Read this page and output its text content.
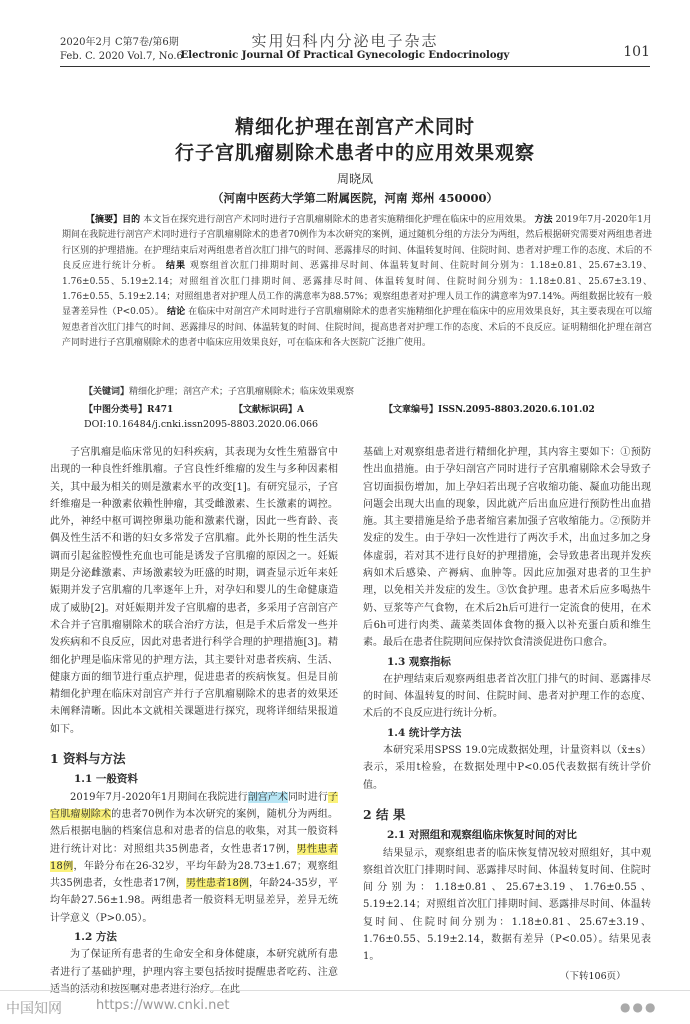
2020年2月 C第7卷/第6期
Feb. C. 2020 Vol.7, No.6
实用妇科内分泌电子杂志
Electronic Journal Of Practical Gynecologic Endocrinology	101
精细化护理在剖宫产术同时
行子宫肌瘤剔除术患者中的应用效果观察
周晓凤
（河南中医药大学第二附属医院，河南 郑州 450000）
【摘要】目的 本文旨在探究进行剖宫产术同时进行子宫肌瘤剔除术的患者实施精细化护理在临床中的应用效果。 方法 2019年7月-2020年1月期间在我院进行剖宫产术同时进行子宫肌瘤剔除术的患者70例作为本次研究的案例，通过随机分组的方法分为两组，然后根据研究需要对两组患者进行区别的护理措施。在护理结束后对两组患者首次肛门排气的时间、恶露排尽的时间、体温转复时间、住院时间、患者对护理工作的态度、术后的不良反应进行统计分析。 结果 观察组首次肛门排期时间、恶露排尽时间、体温转复时间、住院时间分别为：1.18±0.81、25.67±3.19、1.76±0.55、5.19±2.14；对照组首次肛门排期时间、恶露排尽时间、体温转复时间、住院时间分别为：1.18±0.81、25.67±3.19、1.76±0.55、5.19±2.14；对照组患者对护理人员工作的满意率为88.57%；观察组患者对护理人员工作的满意率为97.14%。两组数据比较有一般显著差异性（P<0.05）。 结论 在临床中对剖宫产术同时进行子宫肌瘤剔除术的患者实施精细化护理在临床中的应用效果良好，其主要表现在可以缩短患者首次肛门排气的时间、恶露排尽的时间、体温转复的时间、住院时间，提高患者对护理工作的态度、术后的不良反应。证明精细化护理在剖宫产同时进行子宫肌瘤剔除术的患者中临床应用效果良好，可在临床和各大医院广泛推广使用。
【关键词】精细化护理；剖宫产术；子宫肌瘤剔除术；临床效果观察
【中图分类号】R471	【文献标识码】A	【文章编号】ISSN.2095-8803.2020.6.101.02
DOI:10.16484/j.cnki.issn2095-8803.2020.06.066

子宫肌瘤是临床常见的妇科疾病，其表现为女性生殖器官中出现的一种良性纤维肌瘤。子宫良性纤维瘤的发生与多种因素相关，其中最为相关的则是激素水平的改变[1]。有研究显示，子宫纤维瘤是一种激素依赖性肿瘤，其受雌激素、生长激素的调控。此外，神经中枢可调控卵巢功能和激素代谢，因此一些育龄、丧偶及性生活不和谐的妇女多常发子宫肌瘤。此外长期的性生活失调而引起盆腔慢性充血也可能是诱发子宫肌瘤的原因之一。妊娠期是分泌雌激素、声场激素较为旺盛的时期，调查显示近年来妊娠期并发子宫肌瘤的几率逐年上升，对孕妇和婴儿的生命健康造成了威胁[2]。对妊娠期并发子宫肌瘤的患者，多采用子宫剖宫产术合并子宫肌瘤剔除术的联合治疗方法，但是手术后常发一些并发疾病和不良反应，因此对患者进行科学合理的护理措施[3]。精细化护理是临床常见的护理方法，其主要针对患者疾病、生活、健康方面的细节进行重点护理，促进患者的疾病恢复。但是目前精细化护理在临床对剖宫产并行子宫肌瘤剔除术的患者的效果还未阐释清晰。因此本文就相关课题进行探究，现将详细结果报道如下。

1 资料与方法
1.1 一般资料

2019年7月-2020年1月期间在我院进行剖宫产术同时进行子宫肌瘤剔除术的患者70例作为本次研究的案例，随机分为两组。然后根据电脑的档案信息和对患者的信息的收集，对其一般资料进行统计对比：对照组共35例患者，女性患者17例，男性患者18例，年龄分布在26-32岁，平均年龄为28.73±1.67；观察组共35例患者，女性患者17例，男性患者18例，年龄24-35岁，平均年龄27.56±1.98。两组患者一般资料无明显差异，差异无统计学意义（P>0.05）。

1.2 方法

为了保证所有患者的生命安全和身体健康，本研究就所有患者进行了基础护理，护理内容主要包括按时提醒患者吃药、注意适当的活动和按医嘱对患者进行治疗。在此

基础上对观察组患者进行精细化护理，其内容主要如下：①预防性出血措施。由于孕妇剖宫产同时进行子宫肌瘤剔除术会导致子宫切面损伤增加，加上孕妇若出现子宫收缩功能、凝血功能出现问题会出现大出血的现象，因此就产后出血应进行预防性出血措施。其主要措施是给予患者缩宫素加强子宫收缩能力。②预防并发症的发生。由于孕妇一次性进行了两次手术，出血过多加之身体虚弱，若对其不进行良好的护理措施，会导致患者出现并发疾病如术后感染、产褥病、血肿等。因此应加强对患者的卫生护理，以免相关并发症的发生。③饮食护理。患者术后应多喝热牛奶、豆浆等产气食物，在术后2h后可进行一定流食的使用，在术后6h可进行肉类、蔬菜类固体食物的摄入以补充蛋白质和维生素。最后在患者住院期间应保持饮食清淡促进伤口愈合。

1.3 观察指标

在护理结束后观察两组患者首次肛门排气的时间、恶露排尽的时间、体温转复的时间、住院时间、患者对护理工作的态度、术后的不良反应进行统计分析。

1.4 统计学方法

本研究采用SPSS 19.0完成数据处理，计量资料以（x̄±s）表示，采用t检验，在数据处理中P<0.05代表数据有统计学价值。

2 结 果
2.1 对照组和观察组临床恢复时间的对比

结果显示，观察组患者的临床恢复情况较对照组好，其中观察组首次肛门排期时间、恶露排尽时间、体温转复时间、住院时间分别为：1.18±0.81、25.67±3.19、1.76±0.55、5.19±2.14；对照组首次肛门排期时间、恶露排尽时间、体温转复时间、住院时间分别为：1.18±0.81、25.67±3.19、1.76±0.55、5.19±2.14，数据有差异（P<0.05）。结果见表1。

（下转106页）
中国知网	https://www.cnki.net	●●●
